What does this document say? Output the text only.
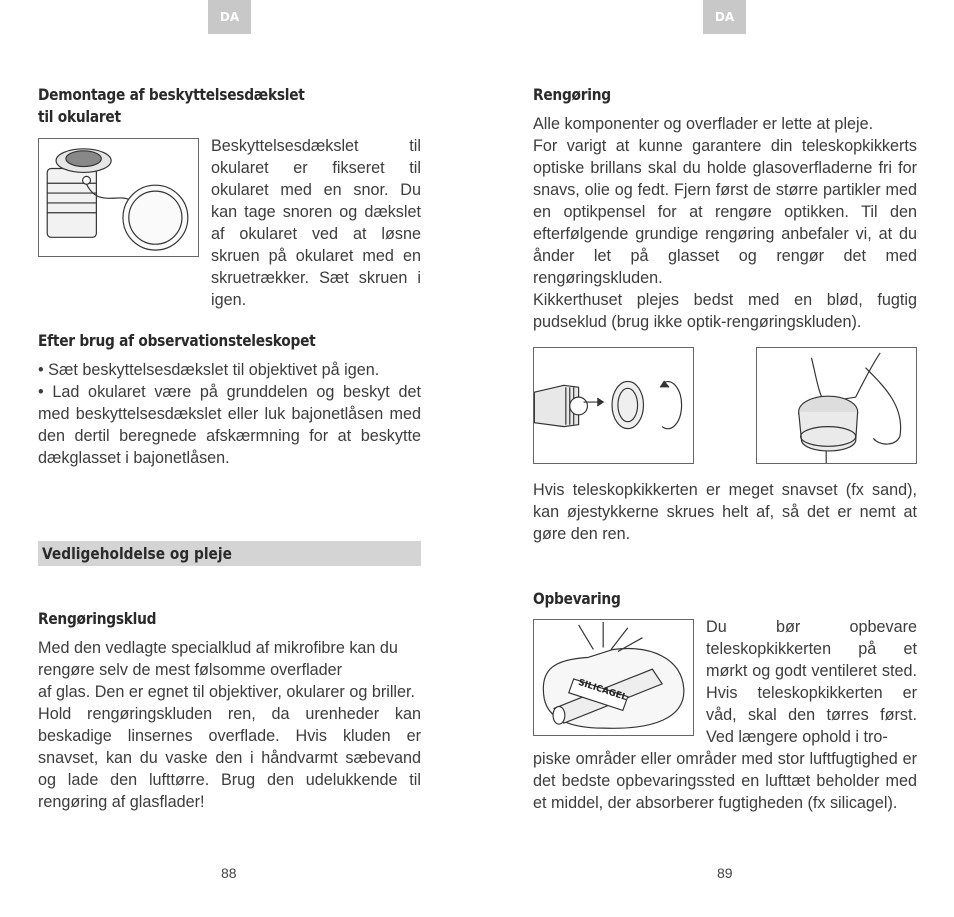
DA
Demontage af beskyttelsesdækslet
til okularet
Beskyttelsesdækslet til okularet er fikseret til okularet med en snor. Du kan tage snoren og dækslet af okularet ved at løsne skruen på okularet med en skruetrækker. Sæt skruen i igen.
Efter brug af observationsteleskopet

• Sæt beskyttelsesdækslet til objektivet på igen.

• Lad okularet være på grunddelen og beskyt det med beskyttelsesdækslet eller luk bajonetlåsen med den dertil beregnede afskærmning for at beskytte dækglasset i bajonetlåsen.

Vedligeholdelse og pleje
Rengøringsklud

Med den vedlagte specialklud af mikrofibre kan du rengøre selv de mest følsomme overflader

af glas. Den er egnet til objektiver, okularer og briller.

Hold rengøringskluden ren, da urenheder kan beskadige linsernes overflade. Hvis kluden er snavset, kan du vaske den i håndvarmt sæbevand og lade den lufttørre. Brug den udelukkende til rengøring af glasflader!

88
DA
Rengøring

Alle komponenter og overflader er lette at pleje.

For varigt at kunne garantere din teleskopkikkerts optiske brillans skal du holde glasoverfladerne fri for snavs, olie og fedt. Fjern først de større partikler med en optikpensel for at rengøre optikken. Til den efterfølgende grundige rengøring anbefaler vi, at du ånder let på glasset og rengør det med rengøringskluden.

Kikkerthuset plejes bedst med en blød, fugtig pudseklud (brug ikke optik-rengøringskluden).

Hvis teleskopkikkerten er meget snavset (fx sand), kan øjestykkerne skrues helt af, så det er nemt at gøre den ren.
Opbevaring
SILICAGEL
Du bør opbevare teleskopkikkerten på et mørkt og godt ventileret sted. Hvis teleskopkikkerten er våd, skal den tørres først. Ved længere ophold i tro-
piske områder eller områder med stor luftfugtighed er det bedste opbevaringssted en lufttæt beholder med et middel, der absorberer fugtigheden (fx silicagel).
89
